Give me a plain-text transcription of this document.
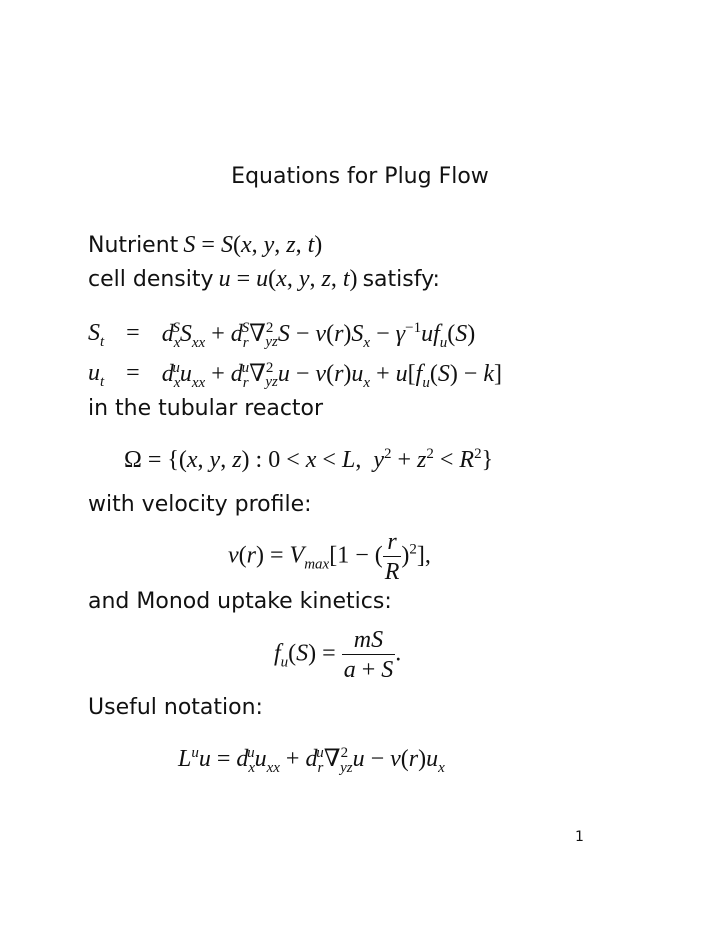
Equations for Plug Flow
Nutrient S = S(x, y, z, t)
cell density u = u(x, y, z, t) satisfy:
$S_t$	=	$d_x^SS_{xx} + d_r^S\nabla^2_{yz}S - v(r)S_x - \gamma^{-1}uf_u(S)$
$u_t$	=	$d_x^uu_{xx} + d_r^u\nabla^2_{yz}u - v(r)u_x + u[f_u(S) - k]$
in the tubular reactor
Ω = {(x, y, z) : 0 < x < L,  $y^2 + z^2 < R^2$}
with velocity profile:
$v(r) = V_{max}[1$ − ( $\frac{r}{R} )^2$],
and Monod uptake kinetics:
$f_u(S) = \frac{mS}{a + S}$ .
Useful notation:
$L^uu = d_x^uu_{xx} + d_r^u\nabla^2_{yz}u - v(r)u_x$
1
